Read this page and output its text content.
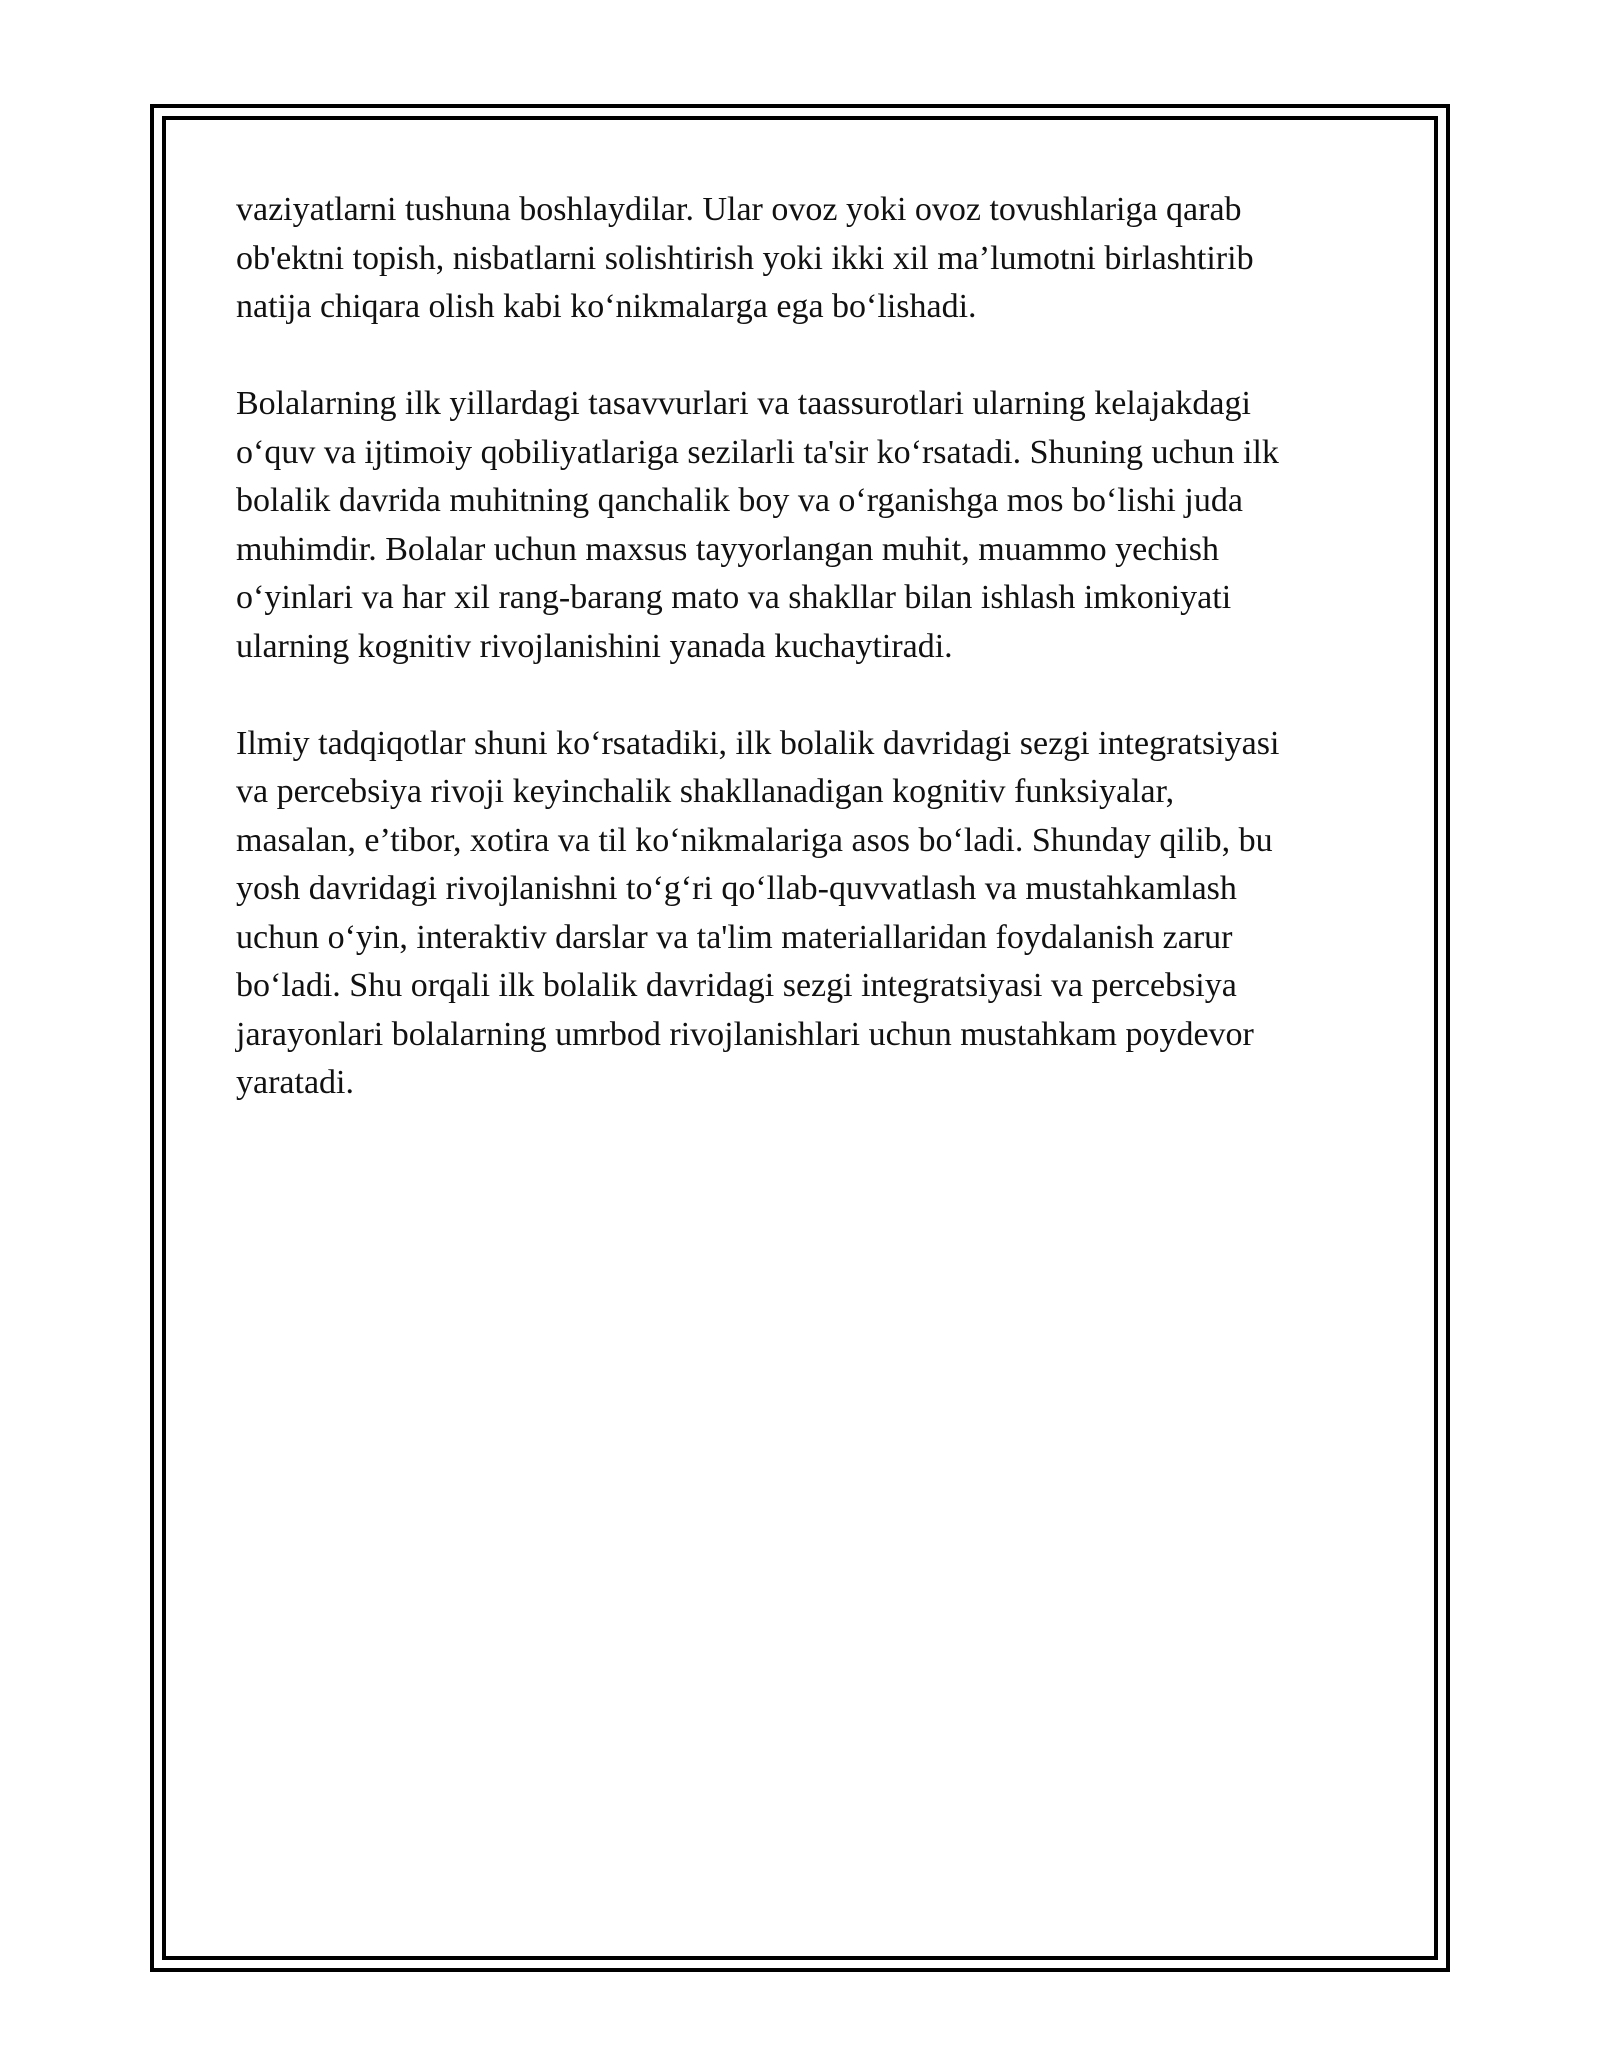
vaziyatlarni tushuna boshlaydilar. Ular ovoz yoki ovoz tovushlariga qarab
ob'ektni topish, nisbatlarni solishtirish yoki ikki xil ma’lumotni birlashtirib
natija chiqara olish kabi ko‘nikmalarga ega bo‘lishadi.

Bolalarning ilk yillardagi tasavvurlari va taassurotlari ularning kelajakdagi
o‘quv va ijtimoiy qobiliyatlariga sezilarli ta'sir ko‘rsatadi. Shuning uchun ilk
bolalik davrida muhitning qanchalik boy va o‘rganishga mos bo‘lishi juda
muhimdir. Bolalar uchun maxsus tayyorlangan muhit, muammo yechish
o‘yinlari va har xil rang-barang mato va shakllar bilan ishlash imkoniyati
ularning kognitiv rivojlanishini yanada kuchaytiradi.

Ilmiy tadqiqotlar shuni ko‘rsatadiki, ilk bolalik davridagi sezgi integratsiyasi
va percebsiya rivoji keyinchalik shakllanadigan kognitiv funksiyalar,
masalan, e’tibor, xotira va til ko‘nikmalariga asos bo‘ladi. Shunday qilib, bu
yosh davridagi rivojlanishni to‘g‘ri qo‘llab-quvvatlash va mustahkamlash
uchun o‘yin, interaktiv darslar va ta'lim materiallaridan foydalanish zarur
bo‘ladi. Shu orqali ilk bolalik davridagi sezgi integratsiyasi va percebsiya
jarayonlari bolalarning umrbod rivojlanishlari uchun mustahkam poydevor
yaratadi.
